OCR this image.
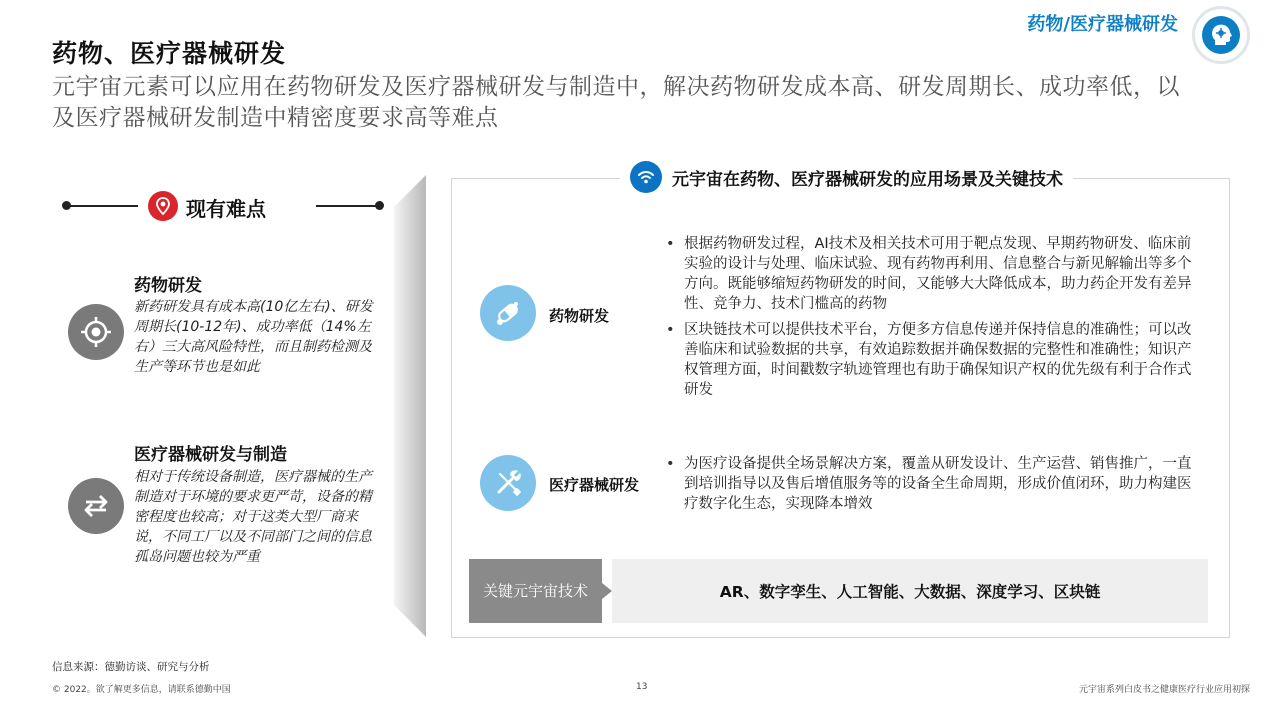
药物、医疗器械研发
元宇宙元素可以应用在药物研发及医疗器械研发与制造中，解决药物研发成本高、研发周期长、成功率低，以及医疗器械研发制造中精密度要求高等难点
药物/医疗器械研发
现有难点
药物研发
新药研发具有成本高(10亿左右)、研发周期长(10-12年)、成功率低（14%左右）三大高风险特性，而且制药检测及生产等环节也是如此
医疗器械研发与制造
相对于传统设备制造，医疗器械的生产制造对于环境的要求更严苛，设备的精密程度也较高；对于这类大型厂商来说，不同工厂以及不同部门之间的信息孤岛问题也较为严重
元宇宙在药物、医疗器械研发的应用场景及关键技术
药物研发
• 根据药物研发过程，AI技术及相关技术可用于靶点发现、早期药物研发、临床前实验的设计与处理、临床试验、现有药物再利用、信息整合与新见解输出等多个方向。既能够缩短药物研发的时间，又能够大大降低成本，助力药企开发有差异性、竞争力、技术门槛高的药物
• 区块链技术可以提供技术平台，方便多方信息传递并保持信息的准确性；可以改善临床和试验数据的共享，有效追踪数据并确保数据的完整性和准确性；知识产权管理方面，时间戳数字轨迹管理也有助于确保知识产权的优先级有利于合作式研发
医疗器械研发
• 为医疗设备提供全场景解决方案，覆盖从研发设计、生产运营、销售推广，一直到培训指导以及售后增值服务等的设备全生命周期，形成价值闭环，助力构建医疗数字化生态，实现降本增效
关键元宇宙技术	AR、数字孪生、人工智能、大数据、深度学习、区块链
信息来源：德勤访谈、研究与分析
© 2022。欲了解更多信息，请联系德勤中国	13	元宇宙系列白皮书之健康医疗行业应用初探
